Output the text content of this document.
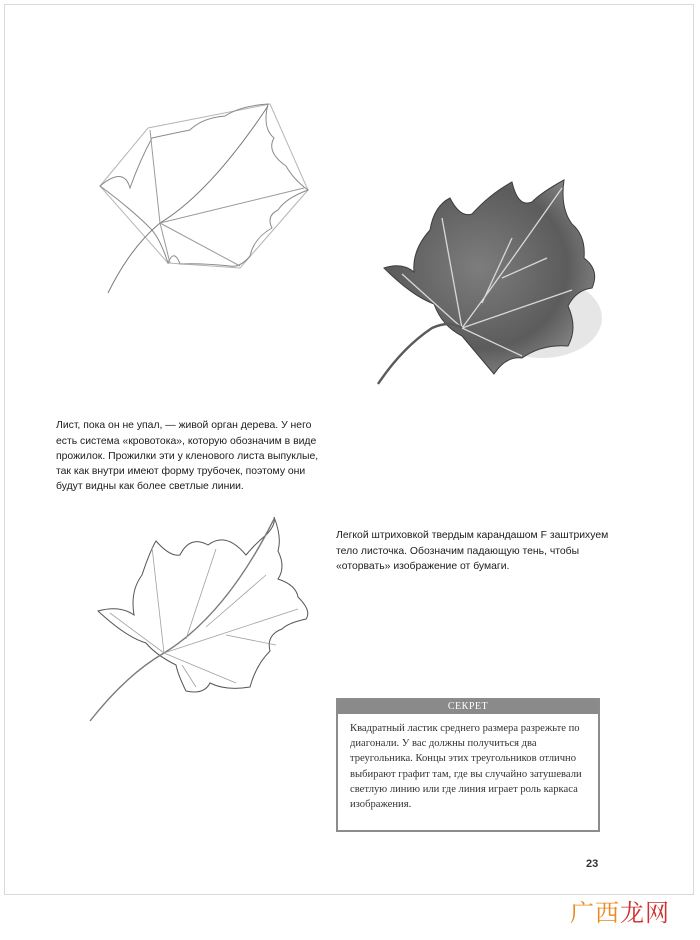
Лист, пока он не упал, — живой орган дерева. У него есть система «кровотока», которую обозначим в виде прожилок. Прожилки эти у кленового листа выпуклые, так как внутри имеют форму трубочек, поэтому они будут видны как более светлые линии.

Легкой штриховкой твердым карандашом F заштрихуем тело листочка. Обозначим падающую тень, чтобы «оторвать» изображение от бумаги.

СЕКРЕТ
Квадратный ластик среднего размера разрежьте по диагонали. У вас должны получиться два треугольника. Концы этих треугольников отлично выбирают графит там, где вы случайно затушевали светлую линию или где линия играет роль каркаса изображения.
23
广西龙网
